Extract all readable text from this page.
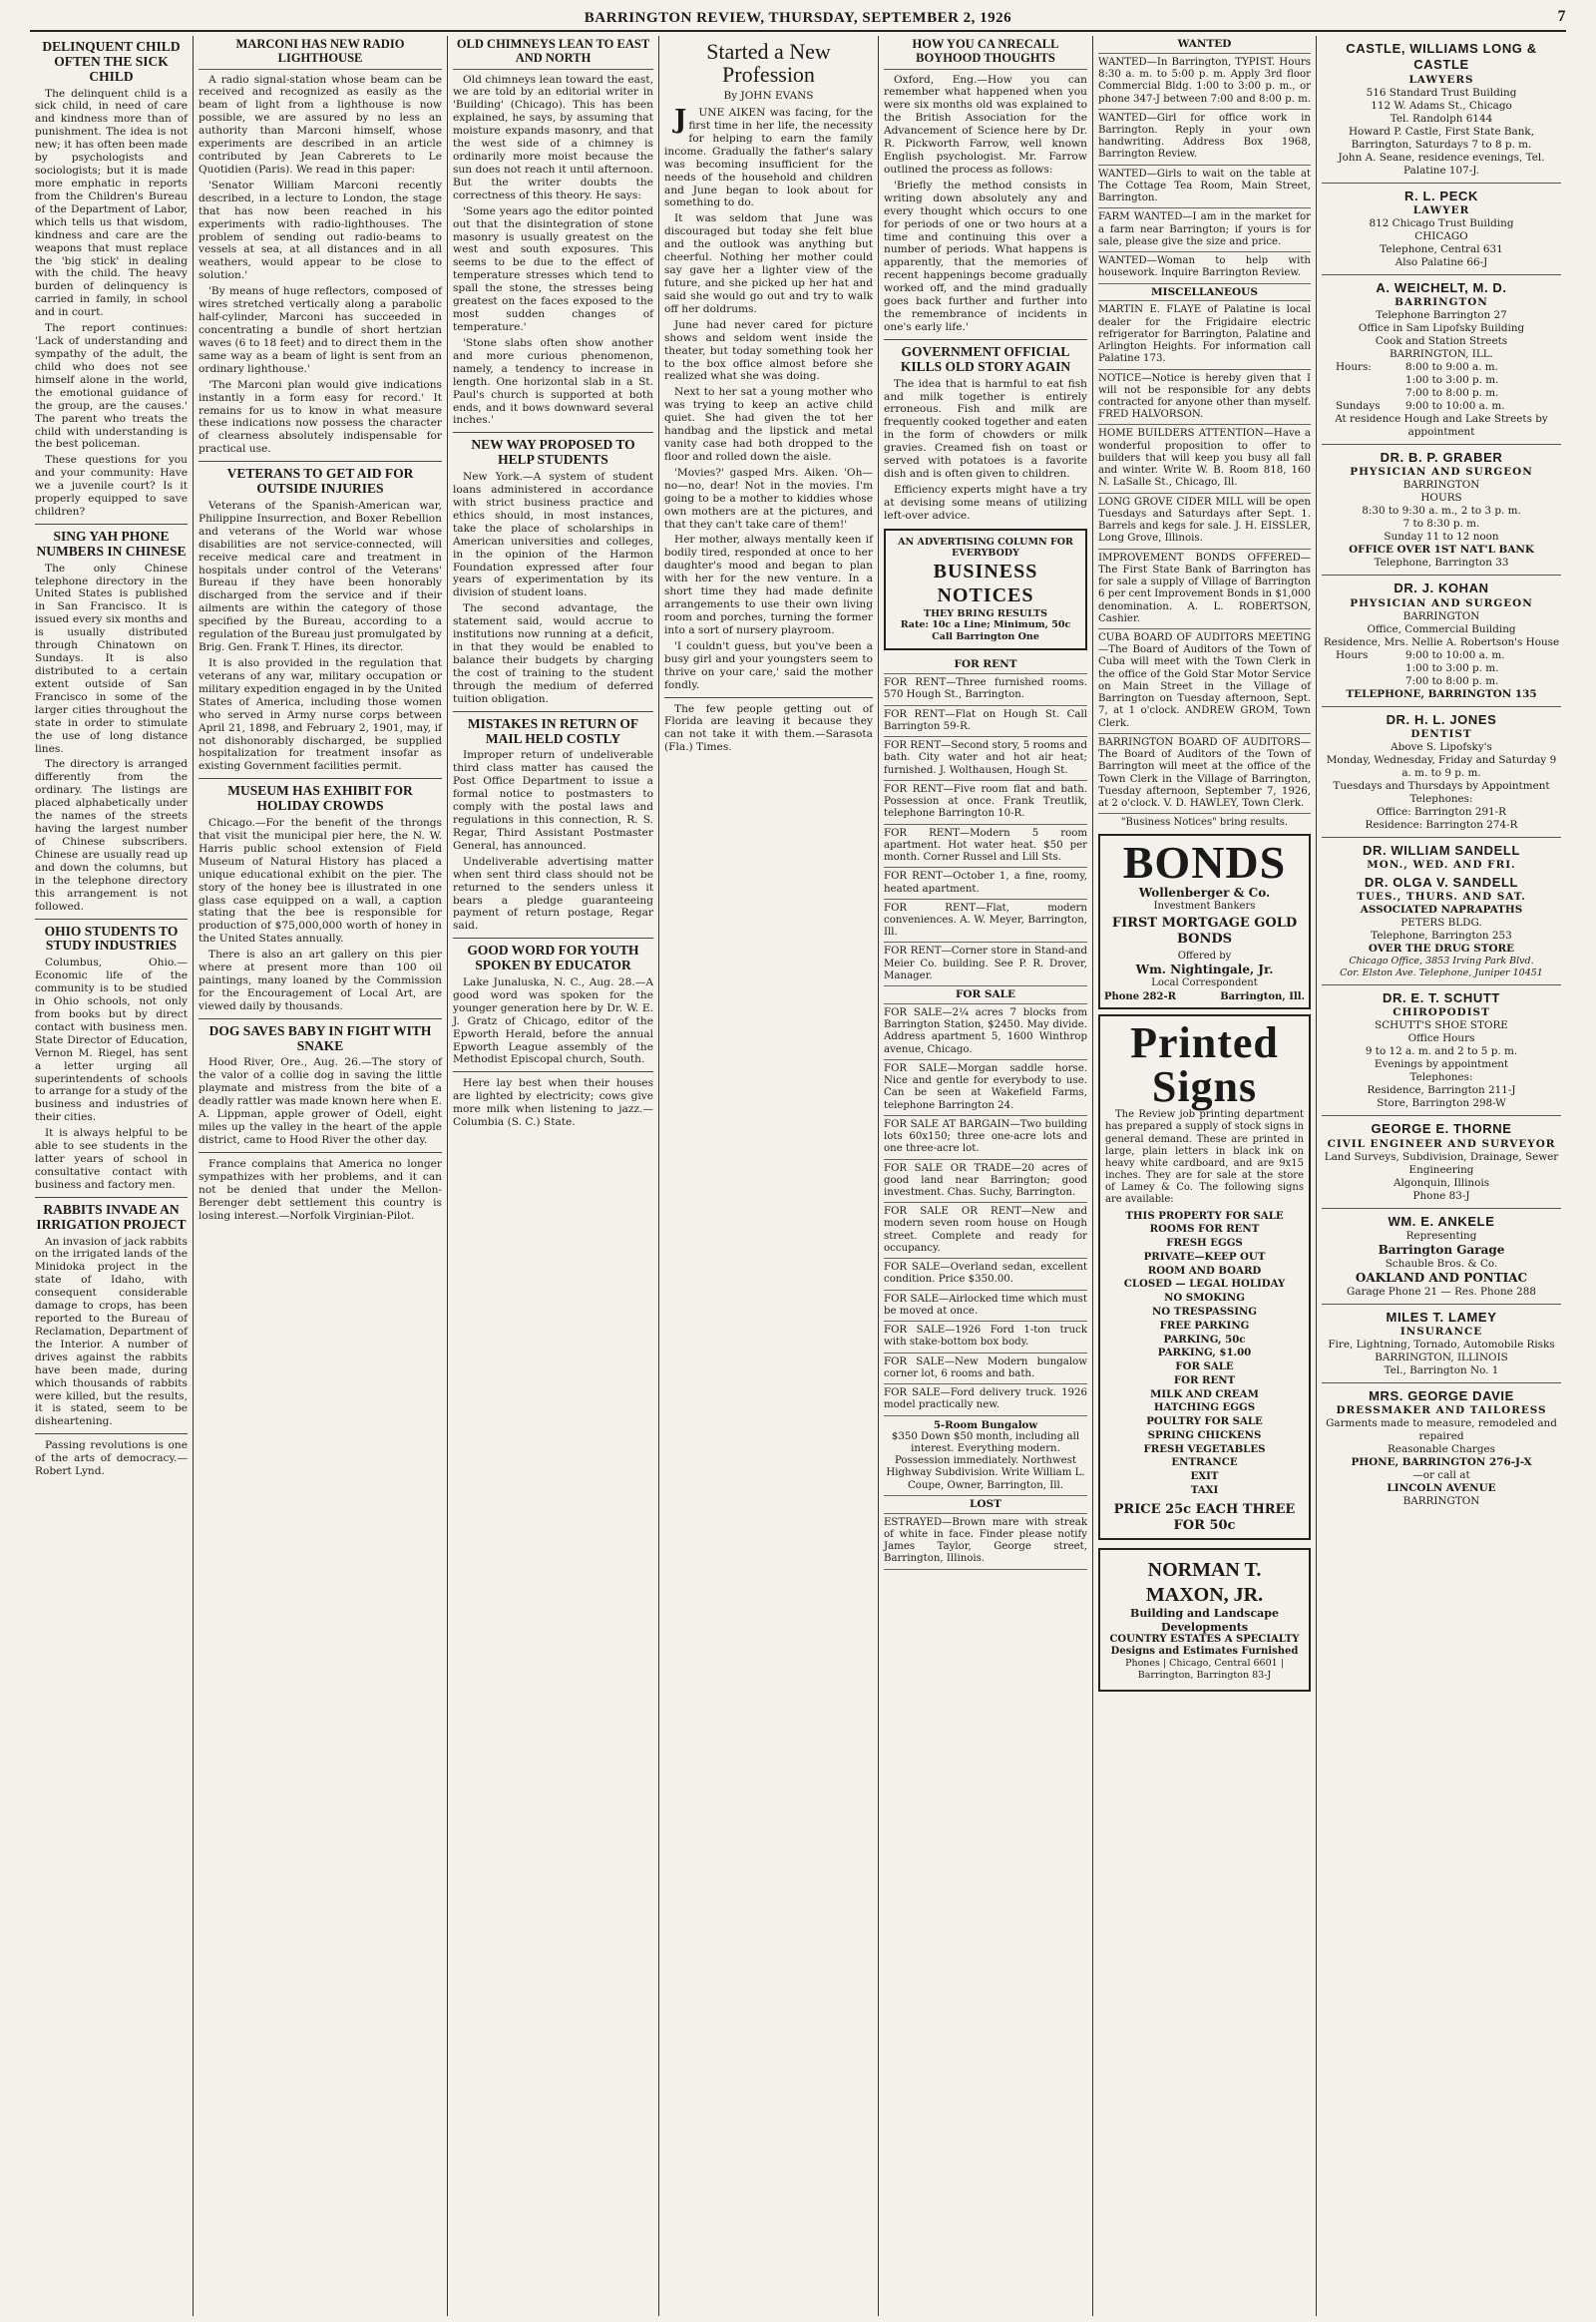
BARRINGTON REVIEW, THURSDAY, SEPTEMBER 2, 1926	7
DELINQUENT CHILD OFTEN THE SICK CHILD

The delinquent child is a sick child, in need of care and kindness more than of punishment. The idea is not new; it has often been made by psychologists and sociologists; but it is made more emphatic in reports from the Children's Bureau of the Department of Labor, which tells us that wisdom, kindness and care are the weapons that must replace the 'big stick' in dealing with the child. The heavy burden of delinquency is carried in family, in school and in court.

The report continues: 'Lack of understanding and sympathy of the adult, the child who does not see himself alone in the world, the emotional guidance of the group, are the causes.' The parent who treats the child with understanding is the best policeman.

These questions for you and your community: Have we a juvenile court? Is it properly equipped to save children?

SING YAH PHONE NUMBERS IN CHINESE

The only Chinese telephone directory in the United States is published in San Francisco. It is issued every six months and is usually distributed through Chinatown on Sundays. It is also distributed to a certain extent outside of San Francisco in some of the larger cities throughout the state in order to stimulate the use of long distance lines.

The directory is arranged differently from the ordinary. The listings are placed alphabetically under the names of the streets having the largest number of Chinese subscribers. Chinese are usually read up and down the columns, but in the telephone directory this arrangement is not followed.

OHIO STUDENTS TO STUDY INDUSTRIES

Columbus, Ohio.—Economic life of the community is to be studied in Ohio schools, not only from books but by direct contact with business men. State Director of Education, Vernon M. Riegel, has sent a letter urging all superintendents of schools to arrange for a study of the business and industries of their cities.

It is always helpful to be able to see students in the latter years of school in consultative contact with business and factory men.

RABBITS INVADE AN IRRIGATION PROJECT

An invasion of jack rabbits on the irrigated lands of the Minidoka project in the state of Idaho, with consequent considerable damage to crops, has been reported to the Bureau of Reclamation, Department of the Interior. A number of drives against the rabbits have been made, during which thousands of rabbits were killed, but the results, it is stated, seem to be disheartening.

Passing revolutions is one of the arts of democracy.—Robert Lynd.

MARCONI HAS NEW RADIO LIGHTHOUSE

A radio signal-station whose beam can be received and recognized as easily as the beam of light from a lighthouse is now possible, we are assured by no less an authority than Marconi himself, whose experiments are described in an article contributed by Jean Cabrerets to Le Quotidien (Paris). We read in this paper:

'Senator William Marconi recently described, in a lecture to London, the stage that has now been reached in his experiments with radio-lighthouses. The problem of sending out radio-beams to vessels at sea, at all distances and in all weathers, would appear to be close to solution.'

'By means of huge reflectors, composed of wires stretched vertically along a parabolic half-cylinder, Marconi has succeeded in concentrating a bundle of short hertzian waves (6 to 18 feet) and to direct them in the same way as a beam of light is sent from an ordinary lighthouse.'

'The Marconi plan would give indications instantly in a form easy for record.' It remains for us to know in what measure these indications now possess the character of clearness absolutely indispensable for practical use.

VETERANS TO GET AID FOR OUTSIDE INJURIES

Veterans of the Spanish-American war, Philippine Insurrection, and Boxer Rebellion and veterans of the World war whose disabilities are not service-connected, will receive medical care and treatment in hospitals under control of the Veterans' Bureau if they have been honorably discharged from the service and if their ailments are within the category of those specified by the Bureau, according to a regulation of the Bureau just promulgated by Brig. Gen. Frank T. Hines, its director.

It is also provided in the regulation that veterans of any war, military occupation or military expedition engaged in by the United States of America, including those women who served in Army nurse corps between April 21, 1898, and February 2, 1901, may, if not dishonorably discharged, be supplied hospitalization for treatment insofar as existing Government facilities permit.

MUSEUM HAS EXHIBIT FOR HOLIDAY CROWDS

Chicago.—For the benefit of the throngs that visit the municipal pier here, the N. W. Harris public school extension of Field Museum of Natural History has placed a unique educational exhibit on the pier. The story of the honey bee is illustrated in one glass case equipped on a wall, a caption stating that the bee is responsible for production of $75,000,000 worth of honey in the United States annually.

There is also an art gallery on this pier where at present more than 100 oil paintings, many loaned by the Commission for the Encouragement of Local Art, are viewed daily by thousands.

DOG SAVES BABY IN FIGHT WITH SNAKE

Hood River, Ore., Aug. 26.—The story of the valor of a collie dog in saving the little playmate and mistress from the bite of a deadly rattler was made known here when E. A. Lippman, apple grower of Odell, eight miles up the valley in the heart of the apple district, came to Hood River the other day.

France complains that America no longer sympathizes with her problems, and it can not be denied that under the Mellon-Berenger debt settlement this country is losing interest.—Norfolk Virginian-Pilot.

OLD CHIMNEYS LEAN TO EAST AND NORTH

Old chimneys lean toward the east, we are told by an editorial writer in 'Building' (Chicago). This has been explained, he says, by assuming that moisture expands masonry, and that the west side of a chimney is ordinarily more moist because the sun does not reach it until afternoon. But the writer doubts the correctness of this theory. He says:

'Some years ago the editor pointed out that the disintegration of stone masonry is usually greatest on the west and south exposures. This seems to be due to the effect of temperature stresses which tend to spall the stone, the stresses being greatest on the faces exposed to the most sudden changes of temperature.'

'Stone slabs often show another and more curious phenomenon, namely, a tendency to increase in length. One horizontal slab in a St. Paul's church is supported at both ends, and it bows downward several inches.'

NEW WAY PROPOSED TO HELP STUDENTS

New York.—A system of student loans administered in accordance with strict business practice and ethics should, in most instances, take the place of scholarships in American universities and colleges, in the opinion of the Harmon Foundation expressed after four years of experimentation by its division of student loans.

The second advantage, the statement said, would accrue to institutions now running at a deficit, in that they would be enabled to balance their budgets by charging the cost of training to the student through the medium of deferred tuition obligation.

MISTAKES IN RETURN OF MAIL HELD COSTLY

Improper return of undeliverable third class matter has caused the Post Office Department to issue a formal notice to postmasters to comply with the postal laws and regulations in this connection, R. S. Regar, Third Assistant Postmaster General, has announced.

Undeliverable advertising matter when sent third class should not be returned to the senders unless it bears a pledge guaranteeing payment of return postage, Regar said.

GOOD WORD FOR YOUTH SPOKEN BY EDUCATOR

Lake Junaluska, N. C., Aug. 28.—A good word was spoken for the younger generation here by Dr. W. E. J. Gratz of Chicago, editor of the Epworth Herald, before the annual Epworth League assembly of the Methodist Episcopal church, South.

Here lay best when their houses are lighted by electricity; cows give more milk when listening to jazz.—Columbia (S. C.) State.

Started a New Profession
By JOHN EVANS

JUNE AIKEN was facing, for the first time in her life, the necessity for helping to earn the family income. Gradually the father's salary was becoming insufficient for the needs of the household and children and June began to look about for something to do.

It was seldom that June was discouraged but today she felt blue and the outlook was anything but cheerful. Nothing her mother could say gave her a lighter view of the future, and she picked up her hat and said she would go out and try to walk off her doldrums.

June had never cared for picture shows and seldom went inside the theater, but today something took her to the box office almost before she realized what she was doing.

Next to her sat a young mother who was trying to keep an active child quiet. She had given the tot her handbag and the lipstick and metal vanity case had both dropped to the floor and rolled down the aisle.

'Movies?' gasped Mrs. Aiken. 'Oh—no—no, dear! Not in the movies. I'm going to be a mother to kiddies whose own mothers are at the pictures, and that they can't take care of them!'

Her mother, always mentally keen if bodily tired, responded at once to her daughter's mood and began to plan with her for the new venture. In a short time they had made definite arrangements to use their own living room and porches, turning the former into a sort of nursery playroom.

'I couldn't guess, but you've been a busy girl and your youngsters seem to thrive on your care,' said the mother fondly.

The few people getting out of Florida are leaving it because they can not take it with them.—Sarasota (Fla.) Times.

HOW YOU CA NRECALL BOYHOOD THOUGHTS

Oxford, Eng.—How you can remember what happened when you were six months old was explained to the British Association for the Advancement of Science here by Dr. R. Pickworth Farrow, well known English psychologist. Mr. Farrow outlined the process as follows:

'Briefly the method consists in writing down absolutely any and every thought which occurs to one for periods of one or two hours at a time and continuing this over a number of periods. What happens is apparently, that the memories of recent happenings become gradually worked off, and the mind gradually goes back further and further into the remembrance of incidents in one's early life.'

GOVERNMENT OFFICIAL KILLS OLD STORY AGAIN

The idea that is harmful to eat fish and milk together is entirely erroneous. Fish and milk are frequently cooked together and eaten in the form of chowders or milk gravies. Creamed fish on toast or served with potatoes is a favorite dish and is often given to children.

Efficiency experts might have a try at devising some means of utilizing left-over advice.

AN ADVERTISING COLUMN FOR EVERYBODY
BUSINESS NOTICES
THEY BRING RESULTS
Rate: 10c a Line; Minimum, 50c
Call Barrington One
FOR RENT
FOR RENT—Three furnished rooms. 570 Hough St., Barrington.
FOR RENT—Flat on Hough St. Call Barrington 59-R.
FOR RENT—Second story, 5 rooms and bath. City water and hot air heat; furnished. J. Wolthausen, Hough St.
FOR RENT—Five room flat and bath. Possession at once. Frank Treutlik, telephone Barrington 10-R.
FOR RENT—Modern 5 room apartment. Hot water heat. $50 per month. Corner Russel and Lill Sts.
FOR RENT—October 1, a fine, roomy, heated apartment.
FOR RENT—Flat, modern conveniences. A. W. Meyer, Barrington, Ill.
FOR RENT—Corner store in Stand-and Meier Co. building. See P. R. Drover, Manager.
FOR SALE
FOR SALE—2¼ acres 7 blocks from Barrington Station, $2450. May divide. Address apartment 5, 1600 Winthrop avenue, Chicago.
FOR SALE—Morgan saddle horse. Nice and gentle for everybody to use. Can be seen at Wakefield Farms, telephone Barrington 24.
FOR SALE AT BARGAIN—Two building lots 60x150; three one-acre lots and one three-acre lot.
FOR SALE OR TRADE—20 acres of good land near Barrington; good investment. Chas. Suchy, Barrington.
FOR SALE OR RENT—New and modern seven room house on Hough street. Complete and ready for occupancy.
FOR SALE—Overland sedan, excellent condition. Price $350.00.
FOR SALE—Airlocked time which must be moved at once.
FOR SALE—1926 Ford 1-ton truck with stake-bottom box body.
FOR SALE—New Modern bungalow corner lot, 6 rooms and bath.
FOR SALE—Ford delivery truck. 1926 model practically new.
5-Room Bungalow
$350 Down $50 month, including all interest. Everything modern. Possession immediately. Northwest Highway Subdivision. Write William L. Coupe, Owner, Barrington, Ill.
LOST
ESTRAYED—Brown mare with streak of white in face. Finder please notify James Taylor, George street, Barrington, Illinois.
WANTED
WANTED—In Barrington, TYPIST. Hours 8:30 a. m. to 5:00 p. m. Apply 3rd floor Commercial Bldg. 1:00 to 3:00 p. m., or phone 347-J between 7:00 and 8:00 p. m.
WANTED—Girl for office work in Barrington. Reply in your own handwriting. Address Box 1968, Barrington Review.
WANTED—Girls to wait on the table at The Cottage Tea Room, Main Street, Barrington.
FARM WANTED—I am in the market for a farm near Barrington; if yours is for sale, please give the size and price.
WANTED—Woman to help with housework. Inquire Barrington Review.
MISCELLANEOUS
MARTIN E. FLAYE of Palatine is local dealer for the Frigidaire electric refrigerator for Barrington, Palatine and Arlington Heights. For information call Palatine 173.
NOTICE—Notice is hereby given that I will not be responsible for any debts contracted for anyone other than myself. FRED HALVORSON.
HOME BUILDERS ATTENTION—Have a wonderful proposition to offer to builders that will keep you busy all fall and winter. Write W. B. Room 818, 160 N. LaSalle St., Chicago, Ill.
LONG GROVE CIDER MILL will be open Tuesdays and Saturdays after Sept. 1. Barrels and kegs for sale. J. H. EISSLER, Long Grove, Illinois.
IMPROVEMENT BONDS OFFERED—The First State Bank of Barrington has for sale a supply of Village of Barrington 6 per cent Improvement Bonds in $1,000 denomination. A. L. ROBERTSON, Cashier.
CUBA BOARD OF AUDITORS MEETING—The Board of Auditors of the Town of Cuba will meet with the Town Clerk in the office of the Gold Star Motor Service on Main Street in the Village of Barrington on Tuesday afternoon, Sept. 7, at 1 o'clock. ANDREW GROM, Town Clerk.
BARRINGTON BOARD OF AUDITORS—The Board of Auditors of the Town of Barrington will meet at the office of the Town Clerk in the Village of Barrington, Tuesday afternoon, September 7, 1926, at 2 o'clock. V. D. HAWLEY, Town Clerk.
"Business Notices" bring results.
BONDS
Wollenberger & Co.
Investment Bankers
FIRST MORTGAGE GOLD BONDS
Offered by
Wm. Nightingale, Jr.
Local Correspondent
Phone 282-R	Barrington, Ill.
Printed Signs

The Review job printing department has prepared a supply of stock signs in general demand. These are printed in large, plain letters in black ink on heavy white cardboard, and are 9x15 inches. They are for sale at the store of Lamey & Co. The following signs are available:

THIS PROPERTY FOR SALE
ROOMS FOR RENT
FRESH EGGS
PRIVATE—KEEP OUT
ROOM AND BOARD
CLOSED — LEGAL HOLIDAY
NO SMOKING
NO TRESPASSING
FREE PARKING
PARKING, 50c
PARKING, $1.00
FOR SALE
FOR RENT
MILK AND CREAM
HATCHING EGGS
POULTRY FOR SALE
SPRING CHICKENS
FRESH VEGETABLES
ENTRANCE
EXIT
TAXI
PRICE 25c EACH THREE FOR 50c
NORMAN T. MAXON, JR.
Building and Landscape Developments
COUNTRY ESTATES A SPECIALTY
Designs and Estimates Furnished
Phones | Chicago, Central 6601 | Barrington, Barrington 83-J
CASTLE, WILLIAMS LONG & CASTLE
LAWYERS
516 Standard Trust Building
112 W. Adams St., Chicago
Tel. Randolph 6144
Howard P. Castle, First State Bank, Barrington, Saturdays 7 to 8 p. m.
John A. Seane, residence evenings, Tel. Palatine 107-J.
R. L. PECK
LAWYER
812 Chicago Trust Building
CHICAGO
Telephone, Central 631
Also Palatine 66-J
A. WEICHELT, M. D.
BARRINGTON
Telephone Barrington 27
Office in Sam Lipofsky Building
Cook and Station Streets
BARRINGTON, ILL.
Hours:	8:00 to 9:00 a. m.
1:00 to 3:00 p. m.
7:00 to 8:00 p. m.
Sundays	9:00 to 10:00 a. m.
At residence Hough and Lake Streets by appointment
DR. B. P. GRABER
PHYSICIAN AND SURGEON
BARRINGTON
HOURS
8:30 to 9:30 a. m., 2 to 3 p. m.
7 to 8:30 p. m.
Sunday 11 to 12 noon
OFFICE OVER 1ST NAT'L BANK
Telephone, Barrington 33
DR. J. KOHAN
PHYSICIAN AND SURGEON
BARRINGTON
Office, Commercial Building
Residence, Mrs. Nellie A. Robertson's House
Hours	9:00 to 10:00 a. m.
1:00 to 3:00 p. m.
7:00 to 8:00 p. m.
TELEPHONE, BARRINGTON 135
DR. H. L. JONES
DENTIST
Above S. Lipofsky's
Monday, Wednesday, Friday and Saturday 9 a. m. to 9 p. m.
Tuesdays and Thursdays by Appointment
Telephones:
Office: Barrington 291-R
Residence: Barrington 274-R
DR. WILLIAM SANDELL
MON., WED. AND FRI.
DR. OLGA V. SANDELL
TUES., THURS. AND SAT.
ASSOCIATED NAPRAPATHS
PETERS BLDG.
Telephone, Barrington 253
OVER THE DRUG STORE
Chicago Office, 3853 Irving Park Blvd.
Cor. Elston Ave. Telephone, Juniper 10451
DR. E. T. SCHUTT
CHIROPODIST
SCHUTT'S SHOE STORE
Office Hours
9 to 12 a. m. and 2 to 5 p. m.
Evenings by appointment
Telephones:
Residence, Barrington 211-J
Store, Barrington 298-W
GEORGE E. THORNE
CIVIL ENGINEER AND SURVEYOR
Land Surveys, Subdivision, Drainage, Sewer Engineering
Algonquin, Illinois
Phone 83-J
WM. E. ANKELE
Representing
Barrington Garage
Schauble Bros. & Co.
OAKLAND AND PONTIAC
Garage Phone 21 — Res. Phone 288
MILES T. LAMEY
INSURANCE
Fire, Lightning, Tornado, Automobile Risks
BARRINGTON, ILLINOIS
Tel., Barrington No. 1
MRS. GEORGE DAVIE
DRESSMAKER AND TAILORESS
Garments made to measure, remodeled and repaired
Reasonable Charges
PHONE, BARRINGTON 276-J-X
—or call at
LINCOLN AVENUE
BARRINGTON
